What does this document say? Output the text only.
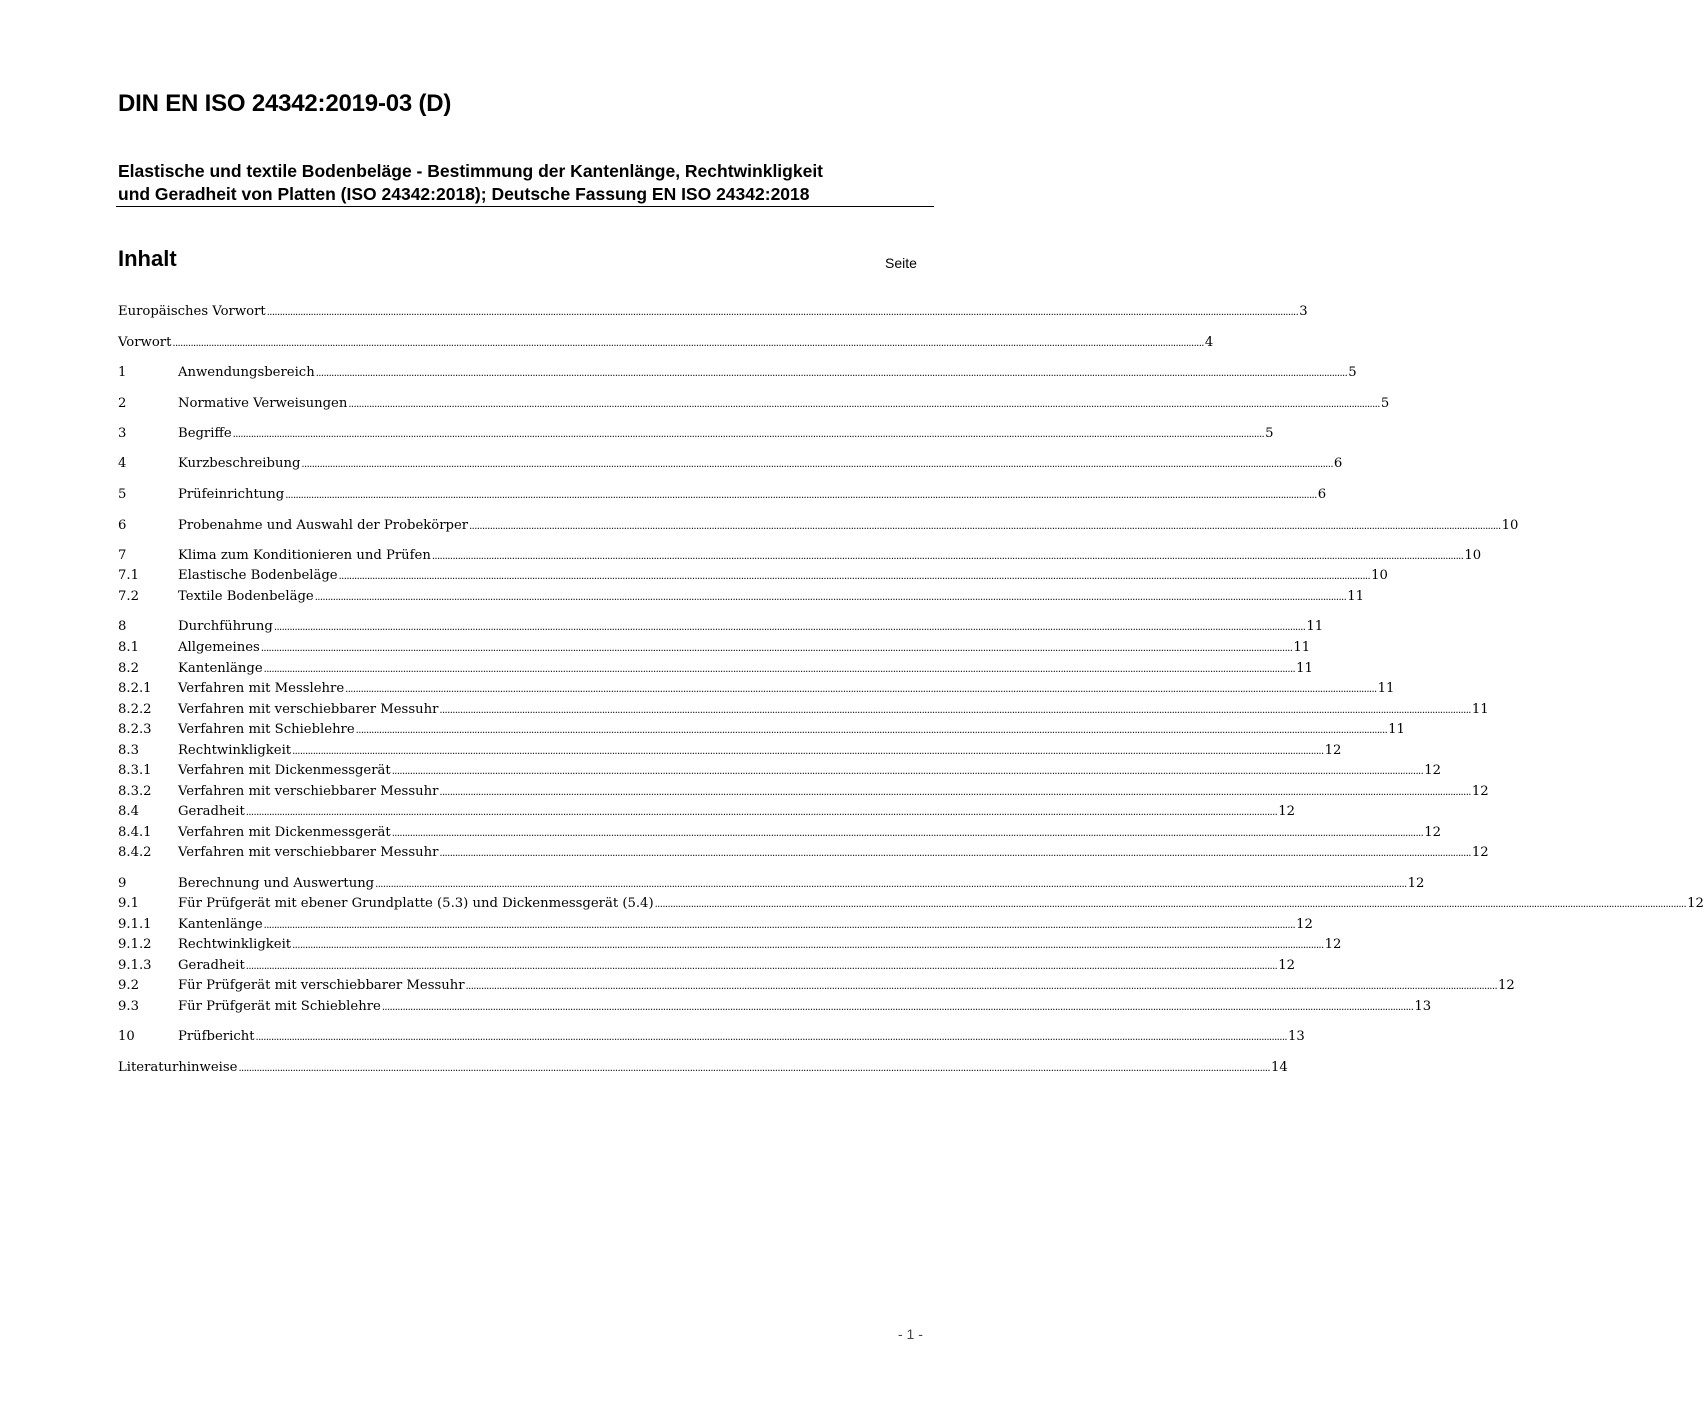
DIN EN ISO 24342:2019-03 (D)
Elastische und textile Bodenbeläge - Bestimmung der Kantenlänge, Rechtwinkligkeit
und Geradheit von Platten (ISO 24342:2018); Deutsche Fassung EN ISO 24342:2018
Inhalt	Seite
Europäisches Vorwort ................................................................................................................................................................................................................................................................................................................................................................................................................ 3
Vorwort ................................................................................................................................................................................................................................................................................................................................................................................................................ 4
1	Anwendungsbereich ................................................................................................................................................................................................................................................................................................................................................................................................................ 5
2	Normative Verweisungen ................................................................................................................................................................................................................................................................................................................................................................................................................ 5
3	Begriffe ................................................................................................................................................................................................................................................................................................................................................................................................................ 5
4	Kurzbeschreibung ................................................................................................................................................................................................................................................................................................................................................................................................................ 6
5	Prüfeinrichtung ................................................................................................................................................................................................................................................................................................................................................................................................................ 6
6	Probenahme und Auswahl der Probekörper ................................................................................................................................................................................................................................................................................................................................................................................................................ 10
7	Klima zum Konditionieren und Prüfen ................................................................................................................................................................................................................................................................................................................................................................................................................ 10
7.1	Elastische Bodenbeläge ................................................................................................................................................................................................................................................................................................................................................................................................................ 10
7.2	Textile Bodenbeläge ................................................................................................................................................................................................................................................................................................................................................................................................................ 11
8	Durchführung ................................................................................................................................................................................................................................................................................................................................................................................................................ 11
8.1	Allgemeines ................................................................................................................................................................................................................................................................................................................................................................................................................ 11
8.2	Kantenlänge ................................................................................................................................................................................................................................................................................................................................................................................................................ 11
8.2.1 Verfahren mit Messlehre ................................................................................................................................................................................................................................................................................................................................................................................................................ 11
8.2.2 Verfahren mit verschiebbarer Messuhr ................................................................................................................................................................................................................................................................................................................................................................................................................ 11
8.2.3 Verfahren mit Schieblehre ................................................................................................................................................................................................................................................................................................................................................................................................................ 11
8.3	Rechtwinkligkeit ................................................................................................................................................................................................................................................................................................................................................................................................................ 12
8.3.1 Verfahren mit Dickenmessgerät ................................................................................................................................................................................................................................................................................................................................................................................................................ 12
8.3.2 Verfahren mit verschiebbarer Messuhr ................................................................................................................................................................................................................................................................................................................................................................................................................ 12
8.4	Geradheit ................................................................................................................................................................................................................................................................................................................................................................................................................ 12
8.4.1 Verfahren mit Dickenmessgerät ................................................................................................................................................................................................................................................................................................................................................................................................................ 12
8.4.2 Verfahren mit verschiebbarer Messuhr ................................................................................................................................................................................................................................................................................................................................................................................................................ 12
9	Berechnung und Auswertung ................................................................................................................................................................................................................................................................................................................................................................................................................ 12
9.1	Für Prüfgerät mit ebener Grundplatte (5.3) und Dickenmessgerät (5.4) ................................................................................................................................................................................................................................................................................................................................................................................................................ 12
9.1.1 Kantenlänge ................................................................................................................................................................................................................................................................................................................................................................................................................ 12
9.1.2 Rechtwinkligkeit ................................................................................................................................................................................................................................................................................................................................................................................................................ 12
9.1.3 Geradheit ................................................................................................................................................................................................................................................................................................................................................................................................................ 12
9.2	Für Prüfgerät mit verschiebbarer Messuhr ................................................................................................................................................................................................................................................................................................................................................................................................................ 12
9.3	Für Prüfgerät mit Schieblehre ................................................................................................................................................................................................................................................................................................................................................................................................................ 13
10	Prüfbericht ................................................................................................................................................................................................................................................................................................................................................................................................................ 13
Literaturhinweise ................................................................................................................................................................................................................................................................................................................................................................................................................ 14
- 1 -
